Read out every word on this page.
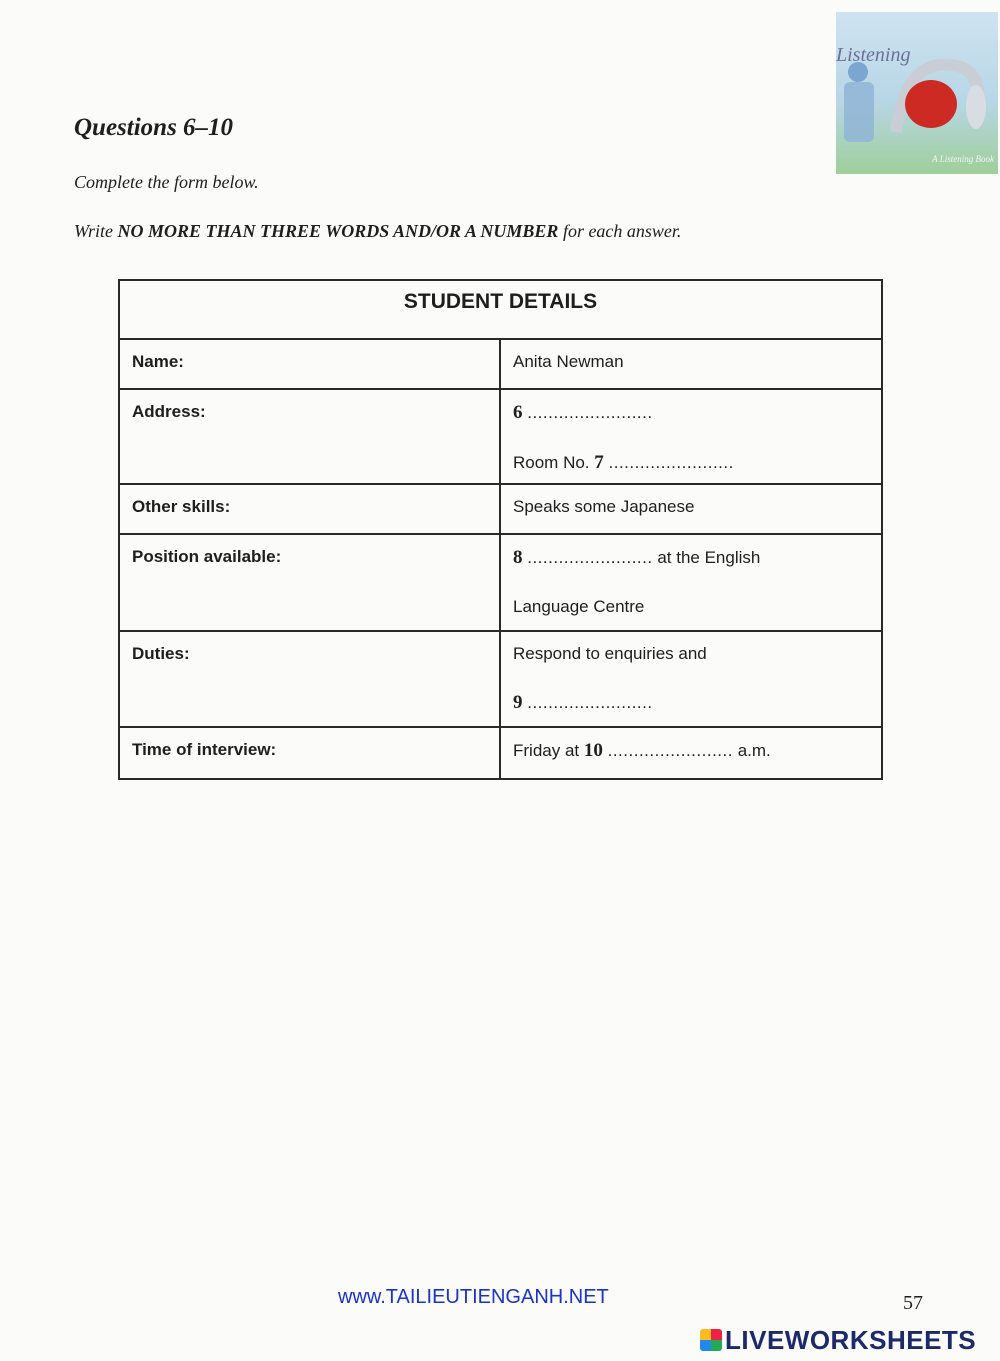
Listening
A Listening Book
Questions 6–10

Complete the form below.

Write NO MORE THAN THREE WORDS AND/OR A NUMBER for each answer.

STUDENT DETAILS	
Name:	Anita Newman
Address:	6 ........................
Room No. 7 ........................

Other skills:	Speaks some Japanese
Position available:	8 ........................ at the English
Language Centre

Duties:	Respond to enquiries and
9 ........................

Time of interview:	Friday at 10 ........................ a.m.
www.TAILIEUTIENGANH.NET	57
LIVEWORKSHEETS
